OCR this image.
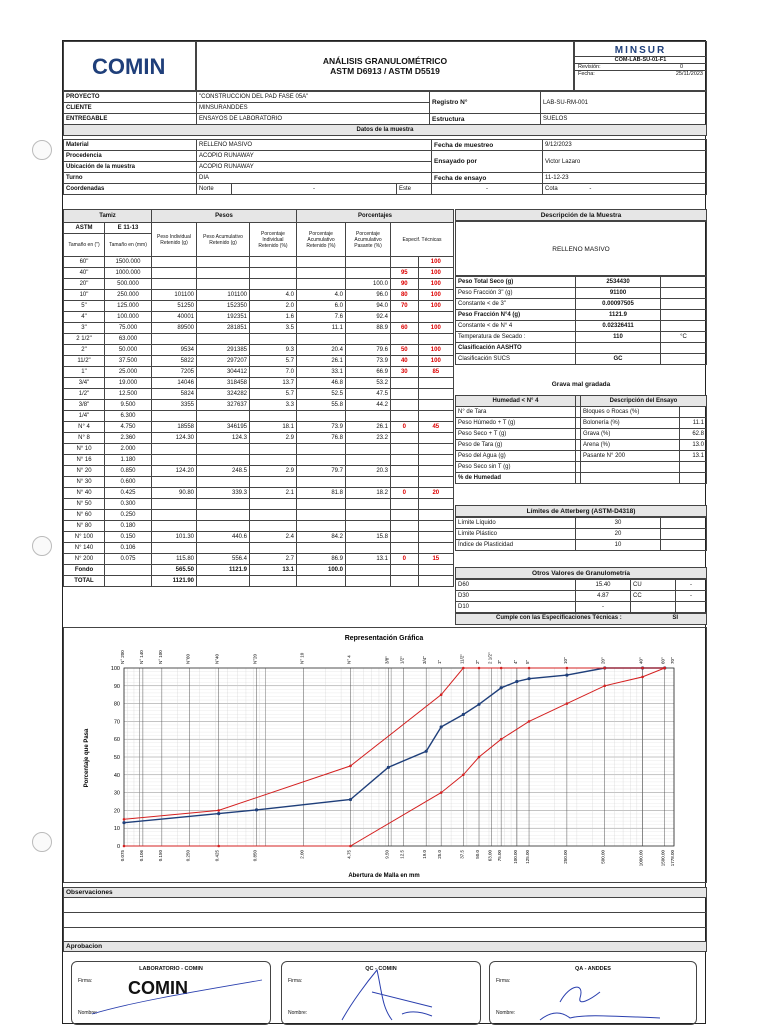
COMIN	ANÁLISIS GRANULOMÉTRICO
ASTM D6913 / ASTM D5519
MINSUR
COM-LAB-SU-01-F1
Revisión:	0
Fecha:	25/11/2023
PROYECTO	"CONSTRUCCION DEL PAD FASE 05A"	Registro N°	LAB-SU-RM-001
CLIENTE	MINSURANDDES		
ENTREGABLE	ENSAYOS DE LABORATORIO	Estructura	SUELOS
Datos de la muestra			
Material	RELLENO MASIVO			Fecha de muestreo	9/12/2023
Procedencia	ACOPIO RUNAWAY			Ensayado por	Victor Lazaro
Ubicación de la muestra	ACOPIO RUNAWAY				
Turno	DIA			Fecha de ensayo	11-12-23
Coordenadas	Norte	-	Este	-	Cota -
Tamiz		Pesos			Porcentajes			
ASTM	E 11-13	Peso Individual Retenido (g)	Peso Acumulativo Retenido (g)	Porcentaje Individual Retenido (%)	Porcentaje Acumulativo Retenido (%)	Porcentaje Acumulativo Pasante (%)	Especif. Técnicas	
Tamaño en (")	Tamaño en (mm)							
60"	1500.000							100
40"	1000.000						95	100
20"	500.000					100.0	90	100
10"	250.000	101100	101100	4.0	4.0	96.0	80	100
5"	125.000	51250	152350	2.0	6.0	94.0	70	100
4"	100.000	40001	192351	1.6	7.6	92.4		
3"	75.000	89500	281851	3.5	11.1	88.9	60	100
2 1/2"	63.000							
2"	50.000	9534	291385	9.3	20.4	79.6	50	100
11/2"	37.500	5822	297207	5.7	26.1	73.9	40	100
1"	25.000	7205	304412	7.0	33.1	66.9	30	85
3/4"	19.000	14046	318458	13.7	46.8	53.2		
1/2"	12.500	5824	324282	5.7	52.5	47.5		
3/8"	9.500	3355	327637	3.3	55.8	44.2		
1/4"	6.300							
N° 4	4.750	18558	346195	18.1	73.9	26.1	0	45
N° 8	2.360	124.30	124.3	2.9	76.8	23.2		
N° 10	2.000							
N° 16	1.180							
N° 20	0.850	124.20	248.5	2.9	79.7	20.3		
N° 30	0.600							
N° 40	0.425	90.80	339.3	2.1	81.8	18.2	0	20
N° 50	0.300							
N° 60	0.250							
N° 80	0.180							
N° 100	0.150	101.30	440.6	2.4	84.2	15.8		
N° 140	0.106							
N° 200	0.075	115.80	556.4	2.7	86.9	13.1	0	15
Fondo		565.50	1121.9	13.1	100.0			
TOTAL		1121.90						
Descripción de la Muestra
RELLENO MASIVO
Peso Total Seco (g)	2534430	
Peso Fracción 3" (g)	91100	
Constante < de 3"	0.00097505	
Peso Fracción N°4 (g)	1121.9	
Constante < de N° 4	0.02326411	
Temperatura de Secado :	110	°C
Clasificación AASHTO		
Clasificación SUCS	GC	
Grava mal gradada
Humedad < N° 4		Descripción del Ensayo	
N° de Tara		Bloques o Rocas (%)	
Peso Húmedo + T (g)		Bolonería (%)	11.1
Peso Seco + T (g)		Grava (%)	62.8
Peso de Tara (g)		Arena (%)	13.0
Peso del Agua (g)		Pasante N° 200	13.1
Peso Seco sin T (g)			
% de Humedad			
Límites de Atterberg (ASTM-D4318)
Límite Líquido	30	
Límite Plástico	20	
Índice de Plasticidad	10	
Otros Valores de Granulometría
D60	15.40	CU	-
D30	4.87	CC	-
D10	-		
Cumple con las Especificaciones Técnicas :	SI
Representación Gráfica
0
10
20
30
40
50
60
70
80
90
100
N° 200	N° 140	N° 100	N°60	N°40	N°20	N° 10	N° 4	3/8" 1/2"	3/4" 1"	11/2" 2" 2 1/2" 3" 4" 5"	10"	20"	40"	60" 70"
0.075	0.106	0.150	0.250	0.425	0.850	2.00	4.75	9.50 12.5	19.0 25.0	37.5 50.0 63.00 75.00 100.00 125.00	250.00	500.00	1000.00	1500.00 1778.00
Abertura de Malla en mm
Porcentaje que Pasa
Observaciones
Aprobacion
LABORATORIO - COMIN
Firma: COMIN
Nombre:
QC - COMIN
Firma:
Nombre:
QA - ANDDES
Firma:
Nombre:
